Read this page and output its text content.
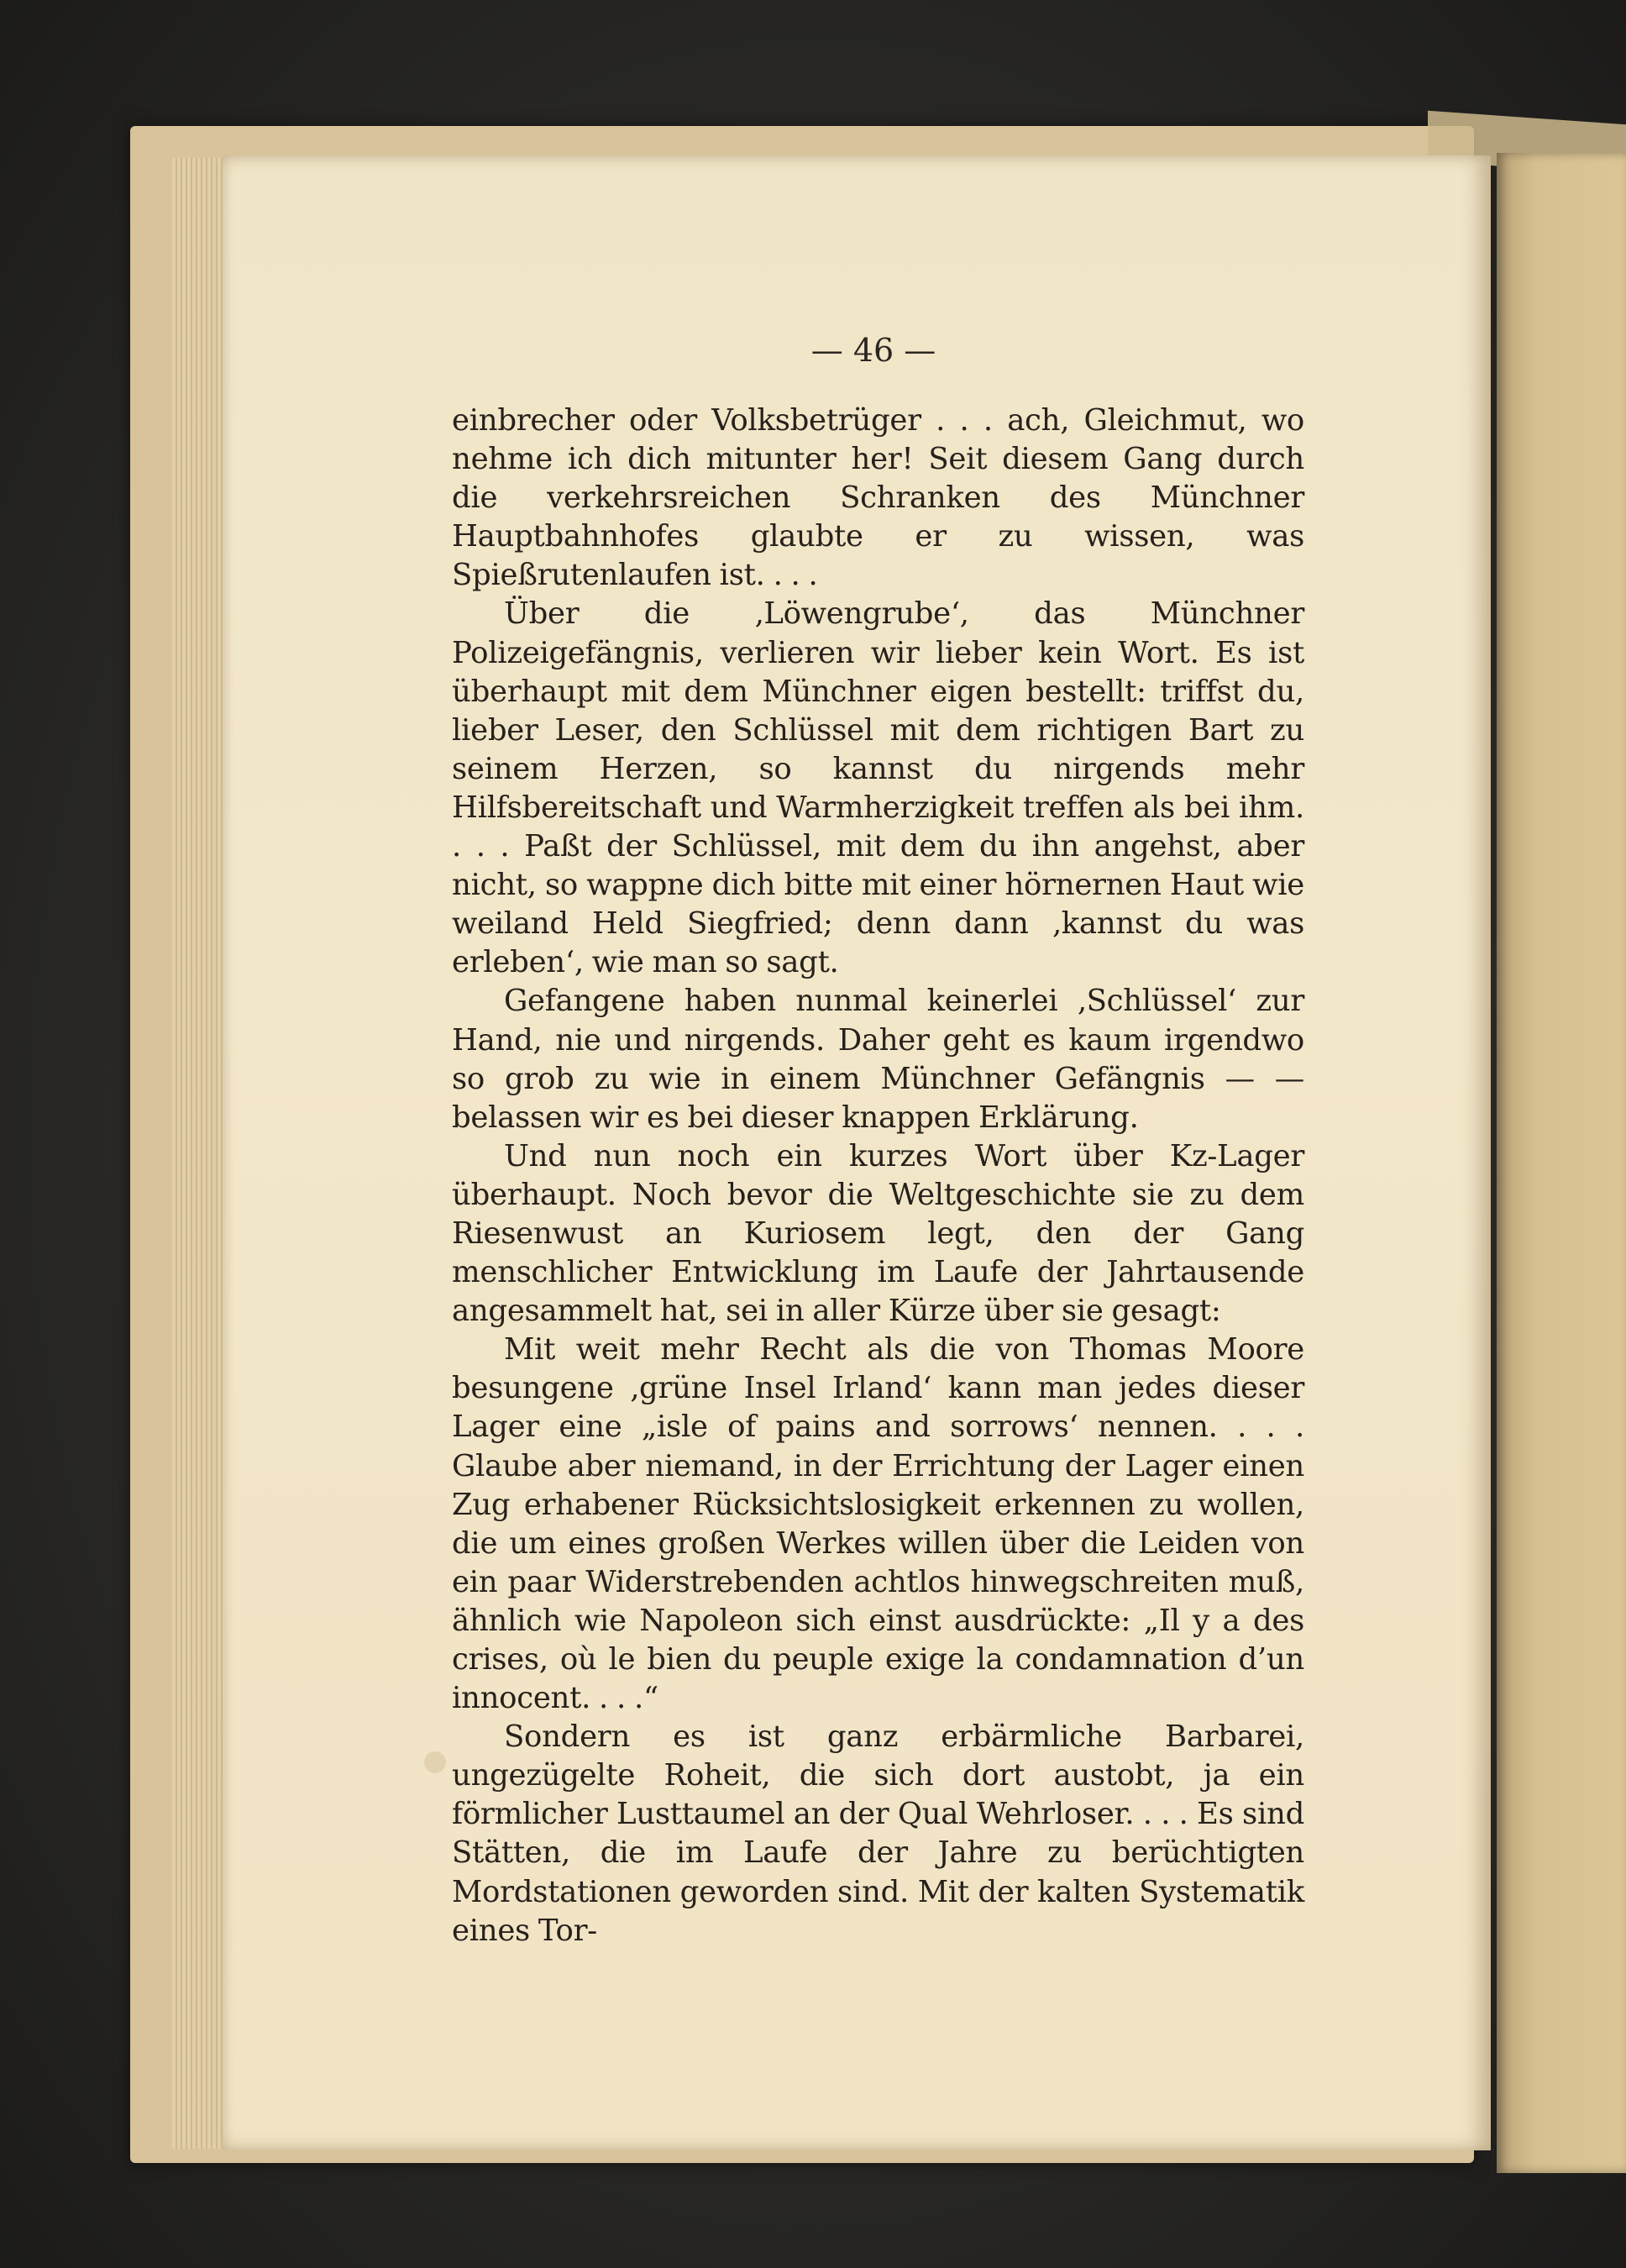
— 46 —

einbrecher oder Volksbetrüger . . . ach, Gleichmut, wo nehme ich dich mitunter her! Seit diesem Gang durch die verkehrsreichen Schranken des Münchner Hauptbahnhofes glaubte er zu wissen, was Spießrutenlaufen ist. . . .

Über die ‚Löwengrube‘, das Münchner Polizeigefängnis, verlieren wir lieber kein Wort. Es ist überhaupt mit dem Münchner eigen bestellt: triffst du, lieber Leser, den Schlüssel mit dem richtigen Bart zu seinem Herzen, so kannst du nirgends mehr Hilfsbereitschaft und Warmherzigkeit treffen als bei ihm. . . . Paßt der Schlüssel, mit dem du ihn angehst, aber nicht, so wappne dich bitte mit einer hörnernen Haut wie weiland Held Siegfried; denn dann ‚kannst du was erleben‘, wie man so sagt.

Gefangene haben nunmal keinerlei ‚Schlüssel‘ zur Hand, nie und nirgends. Daher geht es kaum irgendwo so grob zu wie in einem Münchner Gefängnis — — belassen wir es bei dieser knappen Erklärung.

Und nun noch ein kurzes Wort über Kz-Lager überhaupt. Noch bevor die Weltgeschichte sie zu dem Riesenwust an Kuriosem legt, den der Gang menschlicher Entwicklung im Laufe der Jahrtausende angesammelt hat, sei in aller Kürze über sie gesagt:

Mit weit mehr Recht als die von Thomas Moore besungene ‚grüne Insel Irland‘ kann man jedes dieser Lager eine „isle of pains and sorrows‘ nennen. . . . Glaube aber niemand, in der Errichtung der Lager einen Zug erhabener Rücksichtslosigkeit erkennen zu wollen, die um eines großen Werkes willen über die Leiden von ein paar Widerstrebenden achtlos hinwegschreiten muß, ähnlich wie Napoleon sich einst ausdrückte: „Il y a des crises, où le bien du peuple exige la condamnation d’un innocent. . . .“

Sondern es ist ganz erbärmliche Barbarei, ungezügelte Roheit, die sich dort austobt, ja ein förmlicher Lusttaumel an der Qual Wehrloser. . . . Es sind Stätten, die im Laufe der Jahre zu berüchtigten Mordstationen geworden sind. Mit der kalten Systematik eines Tor-
